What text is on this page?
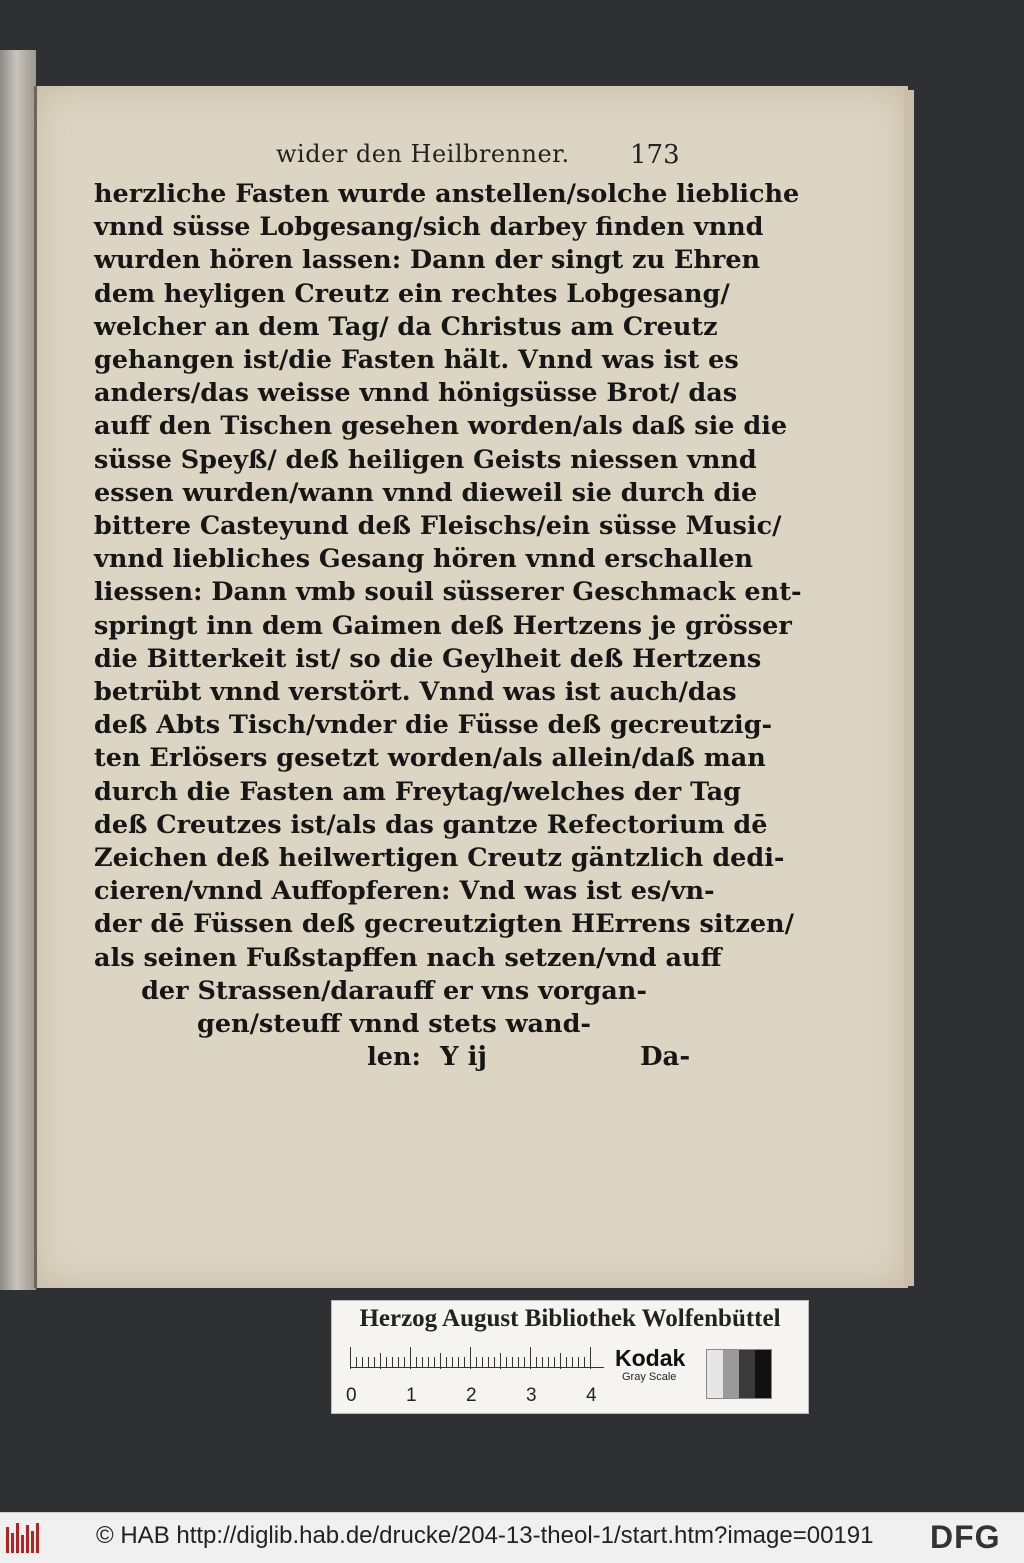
wider den Heilbrenner. 173
herzliche Fasten wurde anstellen/solche liebliche
vnnd süsse Lobgesang/sich darbey finden vnnd
wurden hören lassen: Dann der singt zu Ehren
dem heyligen Creutz ein rechtes Lobgesang/
welcher an dem Tag/ da Christus am Creutz
gehangen ist/die Fasten hält. Vnnd was ist es
anders/das weisse vnnd hönigsüsse Brot/ das
auff den Tischen gesehen worden/als daß sie die
süsse Speyß/ deß heiligen Geists niessen vnnd
essen wurden/wann vnnd dieweil sie durch die
bittere Casteyund deß Fleischs/ein süsse Music/
vnnd liebliches Gesang hören vnnd erschallen
liessen: Dann vmb souil süsserer Geschmack ent-
springt inn dem Gaimen deß Hertzens je grösser
die Bitterkeit ist/ so die Geylheit deß Hertzens
betrübt vnnd verstört. Vnnd was ist auch/das
deß Abts Tisch/vnder die Füsse deß gecreutzig-
ten Erlösers gesetzt worden/als allein/daß man
durch die Fasten am Freytag/welches der Tag
deß Creutzes ist/als das gantze Refectorium dē
Zeichen deß heilwertigen Creutz gäntzlich dedi-
cieren/vnnd Auffopferen: Vnd was ist es/vn-
der dē Füssen deß gecreutzigten HErrens sitzen/
als seinen Fußstapffen nach setzen/vnd auff
der Strassen/darauff er vns vorgan-
gen/steuff vnnd stets wand-
len: Y ij	Da-
Herzog August Bibliothek Wolfenbüttel
0	1	2	3	4
Kodak
Gray Scale
© HAB http://diglib.hab.de/drucke/204-13-theol-1/start.htm?image=00191 DFG
